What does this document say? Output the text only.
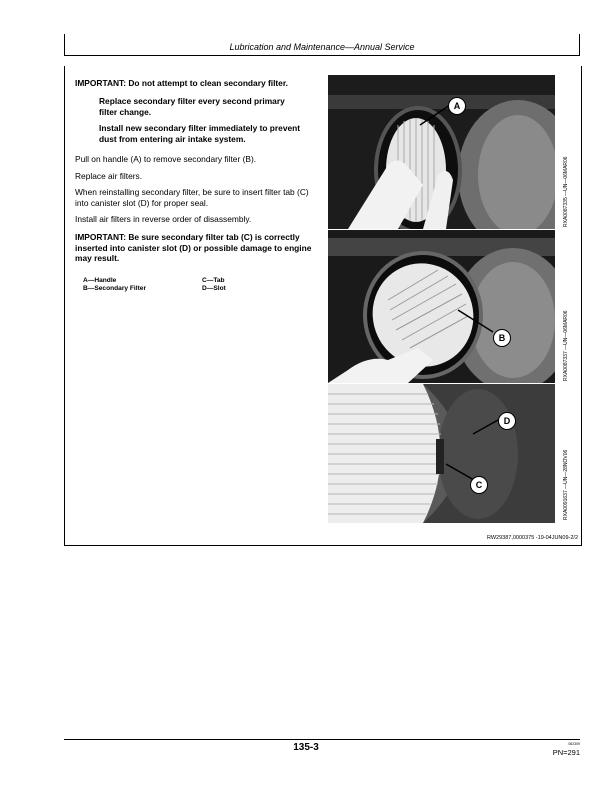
Lubrication and Maintenance—Annual Service
IMPORTANT: Do not attempt to clean secondary filter.
Replace secondary filter every second primary filter change.
Install new secondary filter immediately to prevent dust from entering air intake system.
Pull on handle (A) to remove secondary filter (B).
Replace air filters.
When reinstalling secondary filter, be sure to insert filter tab (C) into canister slot (D) for proper seal.
Install air filters in reverse order of disassembly.
IMPORTANT: Be sure secondary filter tab (C) is correctly inserted into canister slot (D) or possible damage to engine may result.
A—Handle
B—Secondary Filter
C—Tab
D—Slot
A
B
D
C
RXA0087335 —UN—06MAR06
RXA0087337 —UN—06MAR06
RXA0091637 —UN—28NOV06
RW29387,0000375 -19-04JUN09-2/2
135-3	062309
PN=291
